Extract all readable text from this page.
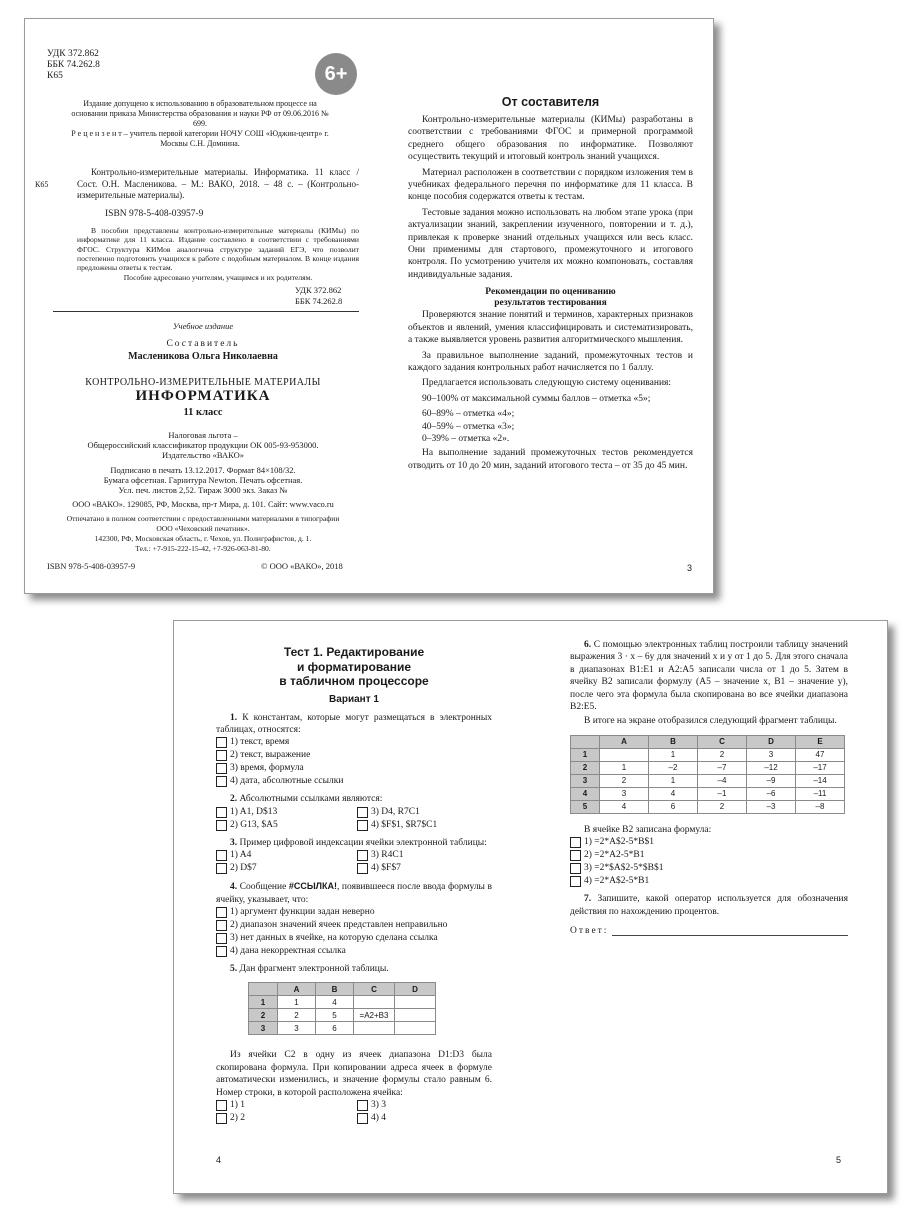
УДК 372.862
ББК 74.262.8
К65	6+
Издание допущено к использованию в образовательном процессе на основании приказа Министерства образования и науки РФ от 09.06.2016 № 699.
Р е ц е н з е н т – учитель первой категории НОЧУ СОШ «Юджин-центр» г. Москвы С.Н. Домнина.
К65
Контрольно-измерительные материалы. Информатика. 11 класс / Сост. О.Н. Масленикова. – М.: ВАКО, 2018. – 48 с. – (Контрольно-измерительные материалы).
ISBN 978-5-408-03957-9
В пособии представлены контрольно-измерительные материалы (КИМы) по информатике для 11 класса. Издание составлено в соответствии с требованиями ФГОС. Структура КИМов аналогична структуре заданий ЕГЭ, что позволит постепенно подготовить учащихся к работе с подобным материалом. В конце издания предложены ответы к тестам.
Пособие адресовано учителям, учащимся и их родителям.
УДК 372.862
ББК 74.262.8
Учебное издание
Составитель
Масленикова Ольга Николаевна
КОНТРОЛЬНО-ИЗМЕРИТЕЛЬНЫЕ МАТЕРИАЛЫ
ИНФОРМАТИКА
11 класс
Налоговая льгота –
Общероссийский классификатор продукции ОК 005-93-953000.
Издательство «ВАКО»
Подписано в печать 13.12.2017. Формат 84×108/32.
Бумага офсетная. Гарнитура Newton. Печать офсетная.
Усл. печ. листов 2,52. Тираж 3000 экз. Заказ №
ООО «ВАКО». 129085, РФ, Москва, пр-т Мира, д. 101. Сайт: www.vaco.ru
Отпечатано в полном соответствии с предоставленными материалами в типографии ООО «Чеховский печатник».
142300, РФ, Московская область, г. Чехов, ул. Полиграфистов, д. 1.
Тел.: +7-915-222-15-42, +7-926-063-81-80.
ISBN 978-5-408-03957-9	© ООО «ВАКО», 2018
От составителя

Контрольно-измерительные материалы (КИМы) разработаны в соответствии с требованиями ФГОС и примерной программой среднего общего образования по информатике. Позволяют осуществить текущий и итоговый контроль знаний учащихся.

Материал расположен в соответствии с порядком изложения тем в учебниках федерального перечня по информатике для 11 класса. В конце пособия содержатся ответы к тестам.

Тестовые задания можно использовать на любом этапе урока (при актуализации знаний, закреплении изученного, повторении и т. д.), привлекая к проверке знаний отдельных учащихся или весь класс. Они применимы для стартового, промежуточного и итогового контроля. По усмотрению учителя их можно компоновать, составляя индивидуальные задания.

Рекомендации по оцениванию
результатов тестирования

Проверяются знание понятий и терминов, характерных признаков объектов и явлений, умения классифицировать и систематизировать, а также выявляется уровень развития алгоритмического мышления.

За правильное выполнение заданий, промежуточных тестов и каждого задания контрольных работ начисляется по 1 баллу.

Предлагается использовать следующую систему оценивания:

90–100% от максимальной суммы баллов – отметка «5»;

60–89% – отметка «4»;

40–59% – отметка «3»;

0–39% – отметка «2».

На выполнение заданий промежуточных тестов рекомендуется отводить от 10 до 20 мин, заданий итогового теста – от 35 до 45 мин.

3
Тест 1. Редактирование
и форматирование
в табличном процессоре
Вариант 1

1. К константам, которые могут размещаться в электронных таблицах, относятся:

1) текст, время
2) текст, выражение
3) время, формула
4) дата, абсолютные ссылки

2. Абсолютными ссылками являются:

1) A1, D$13
2) G13, $A5
3) D4, R7C1
4) $F$1, $R7$C1

3. Пример цифровой индексации ячейки электронной таблицы:

1) A4
2) D$7
3) R4C1
4) $F$7

4. Сообщение #ССЫЛКА!, появившееся после ввода формулы в ячейку, указывает, что:

1) аргумент функции задан неверно
2) диапазон значений ячеек представлен неправильно
3) нет данных в ячейке, на которую сделана ссылка
4) дана некорректная ссылка

5. Дан фрагмент электронной таблицы.

	A	B	C	D
1	1	4		
2	2	5	=A2+B3	
3	3	6		

Из ячейки C2 в одну из ячеек диапазона D1:D3 была скопирована формула. При копировании адреса ячеек в формуле автоматически изменились, и значение формулы стало равным 6. Номер строки, в которой расположена ячейка:

1) 1
2) 2
3) 3
4) 4
4

6. С помощью электронных таблиц построили таблицу значений выражения 3 · x – 6y для значений x и y от 1 до 5. Для этого сначала в диапазонах B1:E1 и A2:A5 записали числа от 1 до 5. Затем в ячейку B2 записали формулу (A5 – значение x, B1 – значение y), после чего эта формула была скопирована во все ячейки диапазона B2:E5.

В итоге на экране отобразился следующий фрагмент таблицы.

	A	B	C	D	E
1		1	2	3	47
2	1	–2	–7	–12	–17
3	2	1	–4	–9	–14
4	3	4	–1	–6	–11
5	4	6	2	–3	–8

В ячейке B2 записана формула:

1) =2*A$2-5*B$1
2) =2*A2-5*B1
3) =2*$A$2-5*$B$1
4) =2*A$2-5*B1

7. Запишите, какой оператор используется для обозначения действия по нахождению процентов.

Ответ:
5
